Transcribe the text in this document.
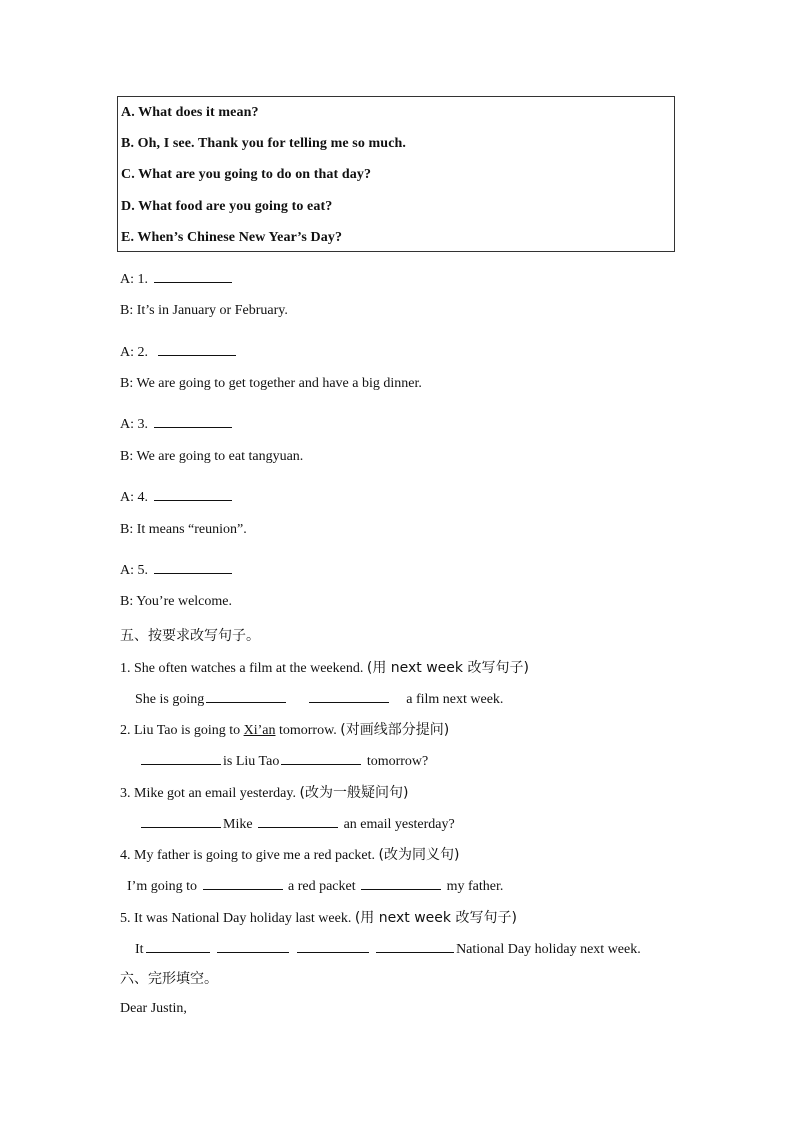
A. What does it mean?
B. Oh, I see. Thank you for telling me so much.
C. What are you going to do on that day?
D. What food are you going to eat?
E. When’s Chinese New Year’s Day?
A: 1.
B: It’s in January or February.
A: 2.
B: We are going to get together and have a big dinner.
A: 3.
B: We are going to eat tangyuan.
A: 4.
B: It means “reunion”.
A: 5.
B: You’re welcome.
五、按要求改写句子。
1. She often watches a film at the weekend. (用 next week 改写句子)
She is going	a film next week.
2. Liu Tao is going to Xi’an tomorrow. (对画线部分提问)
is Liu Tao	tomorrow?
3. Mike got an email yesterday. (改为一般疑问句)
Mike	an email yesterday?
4. My father is going to give me a red packet. (改为同义句)
I’m going to	a red packet	my father.
5. It was National Day holiday last week. (用 next week 改写句子)
It	National Day holiday next week.
六、完形填空。
Dear Justin,
